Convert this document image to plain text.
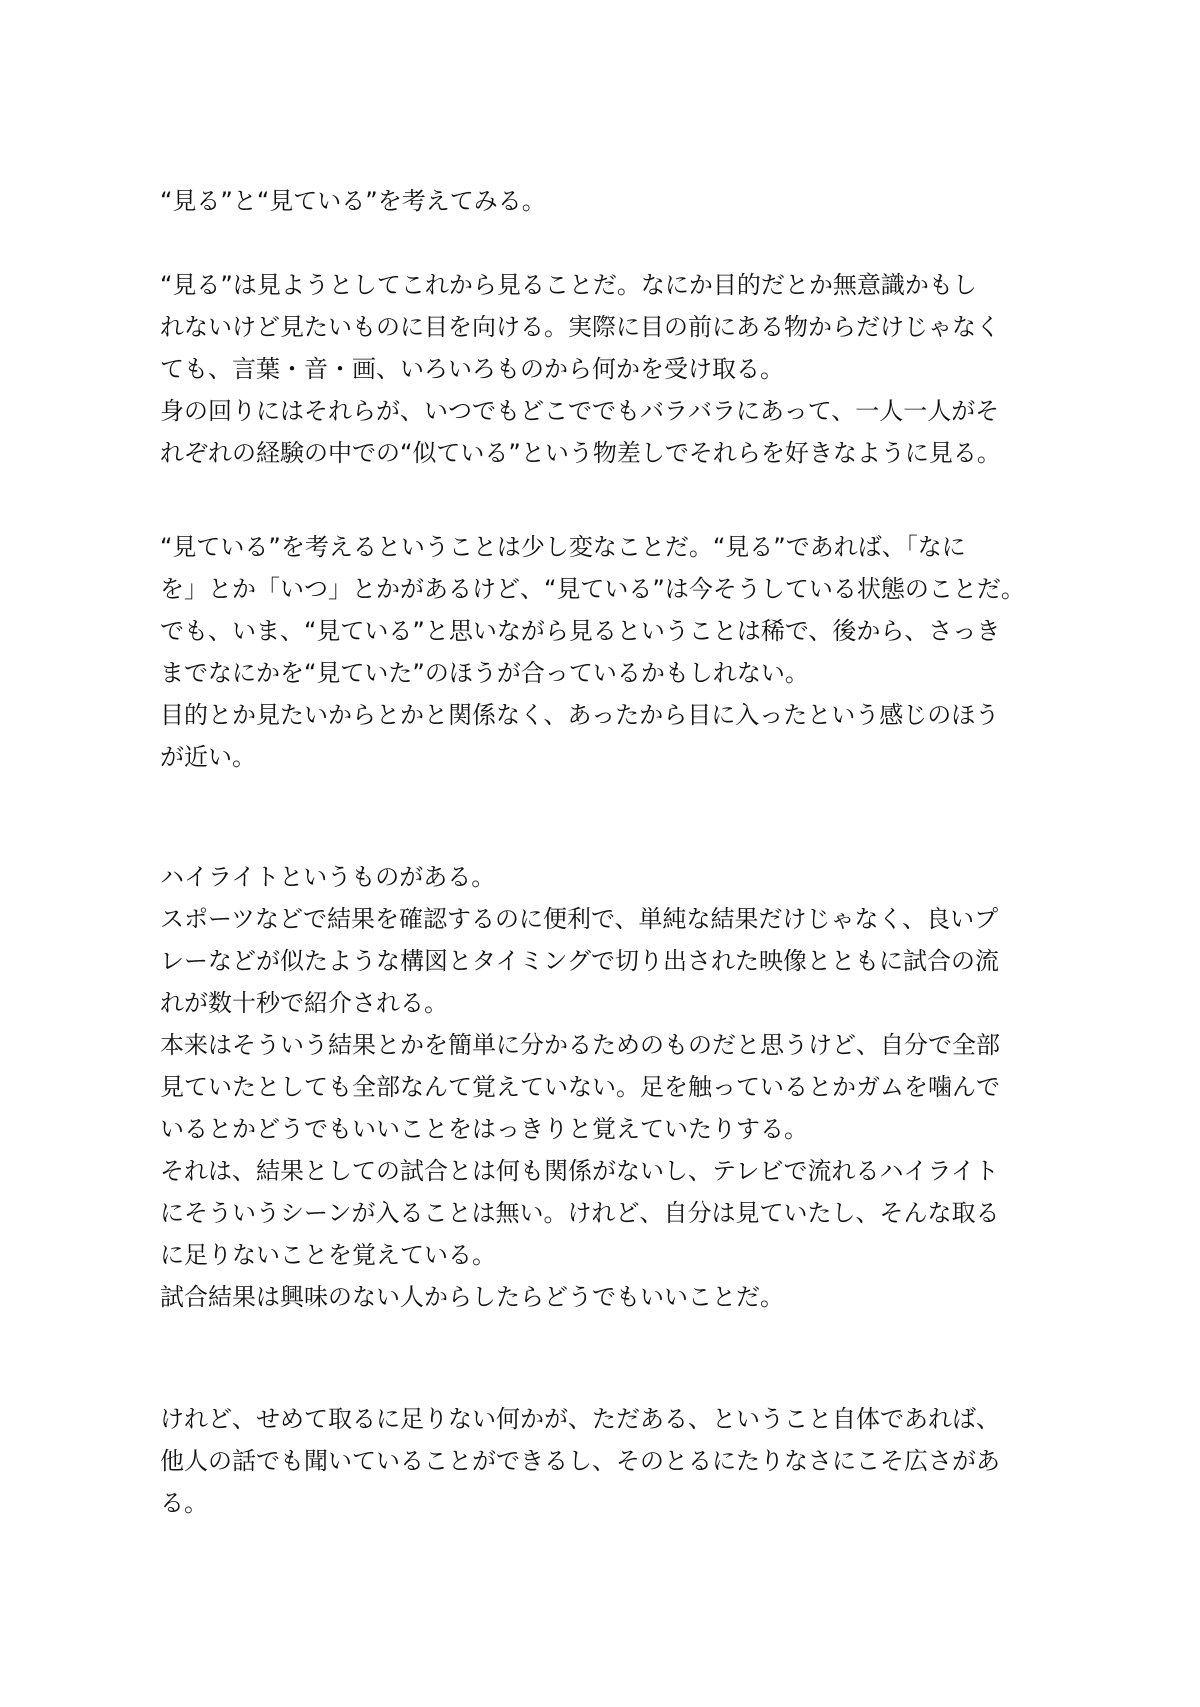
“見る”と“見ている”を考えてみる。

“見る”は見ようとしてこれから見ることだ。なにか目的だとか無意識かもし
れないけど見たいものに目を向ける。実際に目の前にある物からだけじゃなく
ても、言葉・音・画、いろいろものから何かを受け取る。
身の回りにはそれらが、いつでもどこででもバラバラにあって、一人一人がそ
れぞれの経験の中での“似ている”という物差しでそれらを好きなように見る。

“見ている”を考えるということは少し変なことだ。“見る”であれば、「なに
を」とか「いつ」とかがあるけど、“見ている”は今そうしている状態のことだ。
でも、いま、“見ている”と思いながら見るということは稀で、後から、さっき
までなにかを“見ていた”のほうが合っているかもしれない。
目的とか見たいからとかと関係なく、あったから目に入ったという感じのほう
が近い。

ハイライトというものがある。
スポーツなどで結果を確認するのに便利で、単純な結果だけじゃなく、良いプ
レーなどが似たような構図とタイミングで切り出された映像とともに試合の流
れが数十秒で紹介される。
本来はそういう結果とかを簡単に分かるためのものだと思うけど、自分で全部
見ていたとしても全部なんて覚えていない。足を触っているとかガムを噛んで
いるとかどうでもいいことをはっきりと覚えていたりする。
それは、結果としての試合とは何も関係がないし、テレビで流れるハイライト
にそういうシーンが入ることは無い。けれど、自分は見ていたし、そんな取る
に足りないことを覚えている。
試合結果は興味のない人からしたらどうでもいいことだ。

けれど、せめて取るに足りない何かが、ただある、ということ自体であれば、
他人の話でも聞いていることができるし、そのとるにたりなさにこそ広さがあ
る。
